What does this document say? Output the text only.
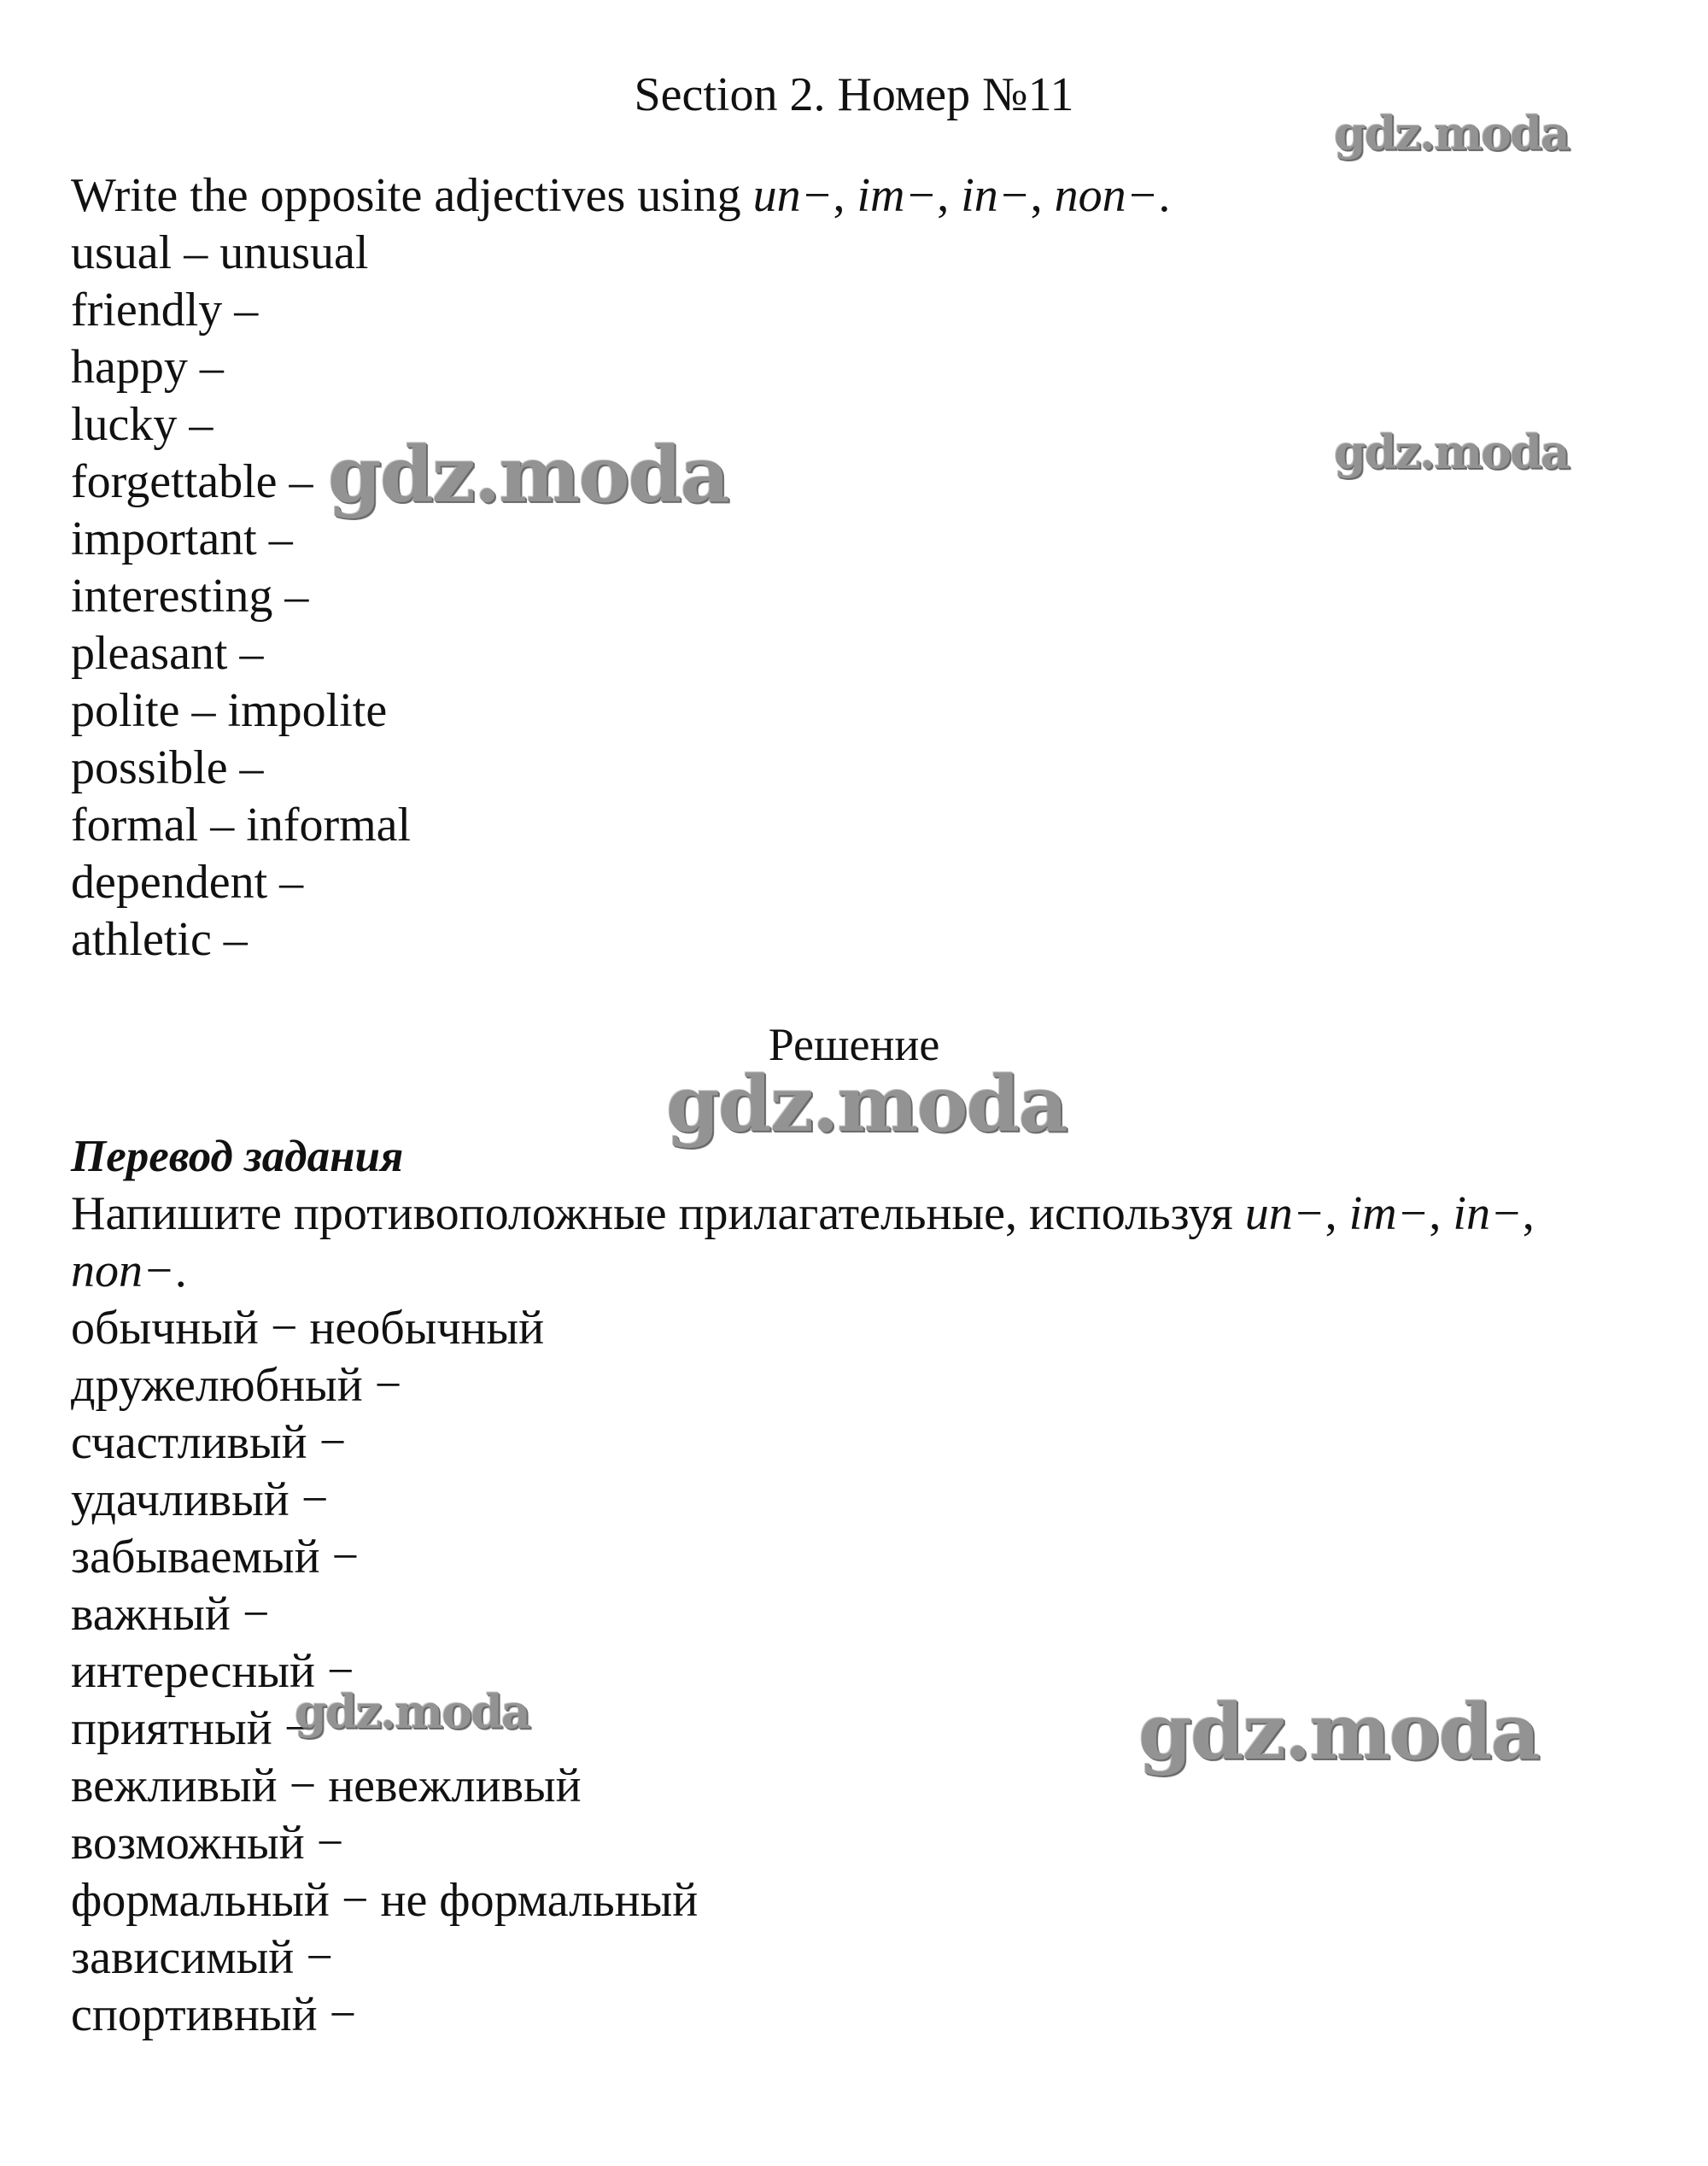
Section 2. Номер №11
Write the opposite adjectives using un−, im−, in−, non−.
usual – unusual
friendly –
happy –
lucky –
forgettable –
important –
interesting –
pleasant –
polite – impolite
possible –
formal – informal
dependent –
athletic –
Решение
Перевод задания
Напишите противоположные прилагательные, используя un−, im−, in−,
non−.
обычный − необычный
дружелюбный −
счастливый −
удачливый −
забываемый −
важный −
интересный −
приятный −
вежливый − невежливый
возможный −
формальный − не формальный
зависимый −
спортивный −
gdz.moda
gdz.moda
gdz.moda
gdz.moda
gdz.moda	gdz.moda
